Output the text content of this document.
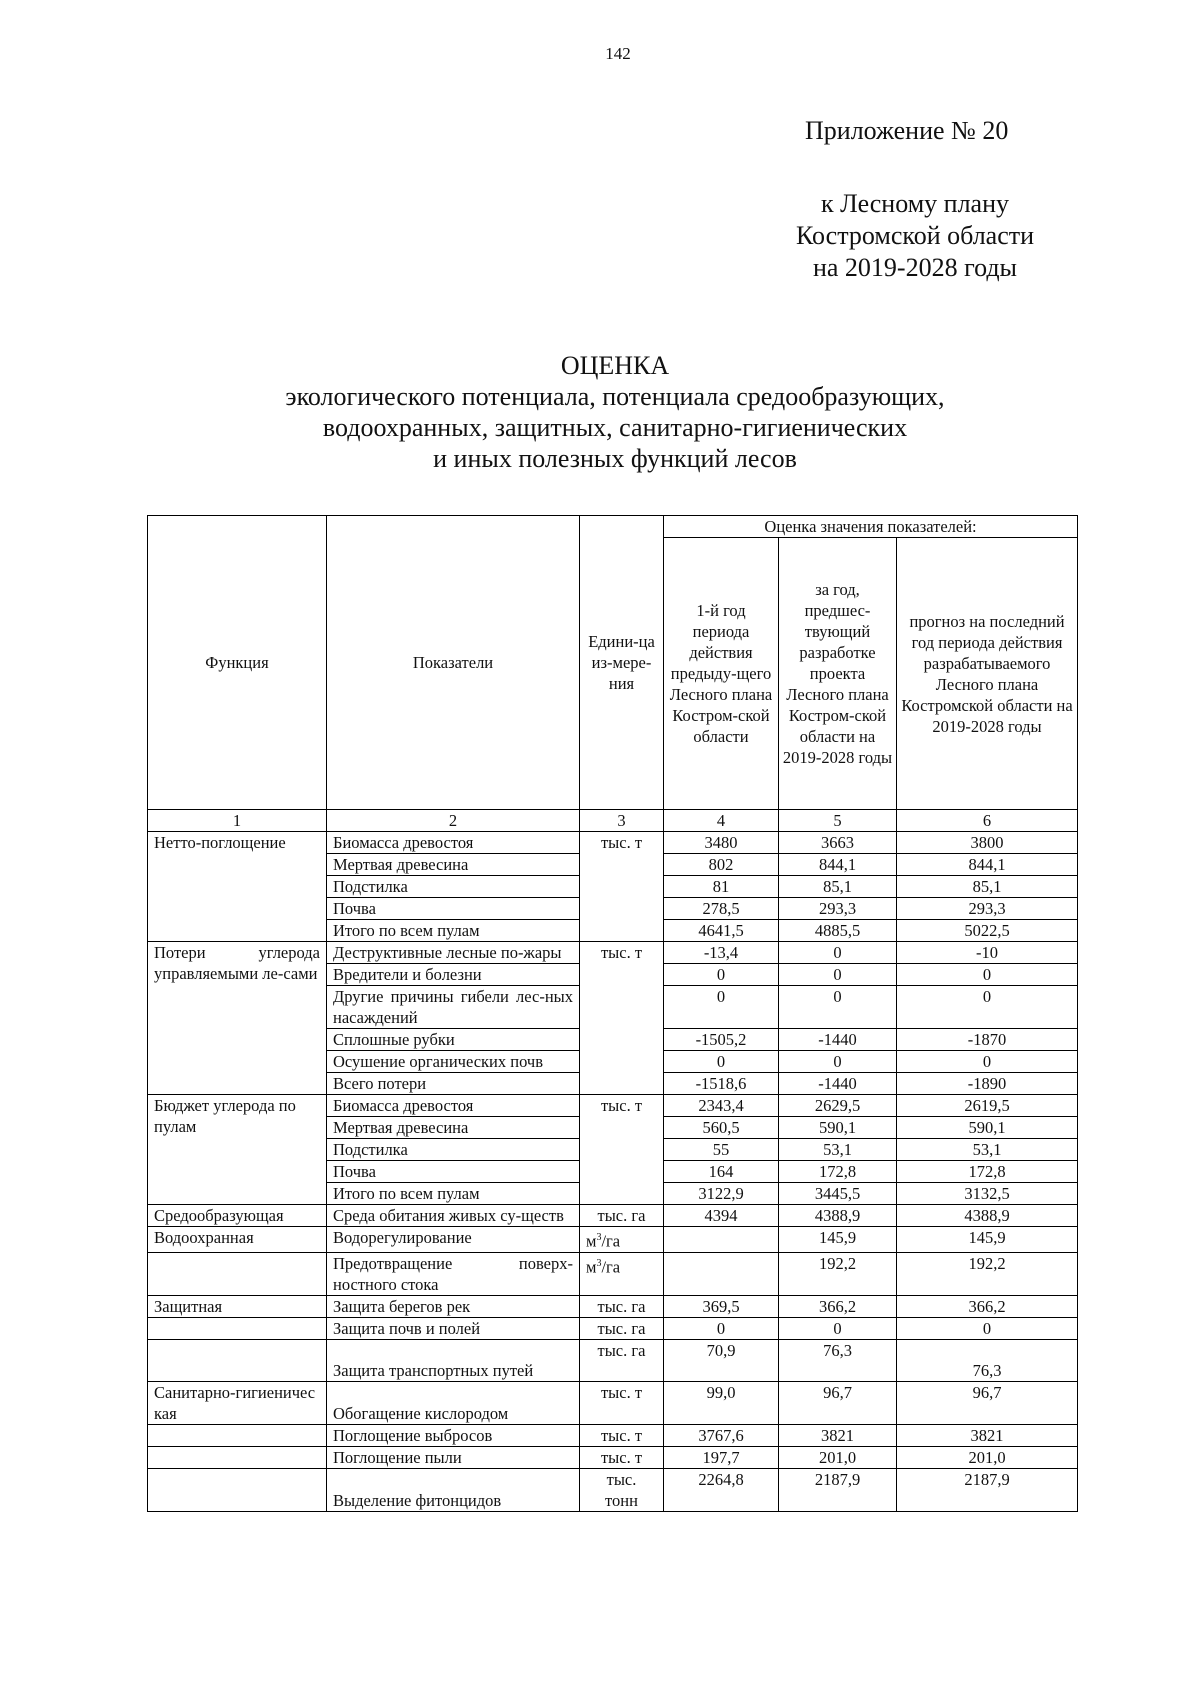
142
Приложение № 20
к Лесному плану
Костромской области
на 2019-2028 годы
ОЦЕНКА
экологического потенциала, потенциала средообразующих,
водоохранных, защитных, санитарно-гигиенических
и иных полезных функций лесов
Функция	Показатели	Едини-ца из-мере-ния	Оценка значения показателей:		
			1-й год периода действия предыду-щего Лесного плана Костром-ской области	за год, предшес-твующий разработке проекта Лесного плана Костром-ской области на 2019-2028 годы	прогноз на последний год периода действия разрабатываемого Лесного плана Костромской области на 2019-2028 годы
1	2	3	4	5	6
Нетто-поглощение	Биомасса древостоя	тыс. т	3480	3663	3800
	Мертвая древесина		802	844,1	844,1
	Подстилка		81	85,1	85,1
	Почва		278,5	293,3	293,3
	Итого по всем пулам		4641,5	4885,5	5022,5
Потери углерода управляемыми ле-сами	Деструктивные лесные по-жары	тыс. т	-13,4	0	-10
	Вредители и болезни		0	0	0
	Другие причины гибели лес-ных насаждений		0	0	0
	Сплошные рубки		-1505,2	-1440	-1870
	Осушение органических почв		0	0	0
	Всего потери		-1518,6	-1440	-1890
Бюджет углерода по пулам	Биомасса древостоя	тыс. т	2343,4	2629,5	2619,5
	Мертвая древесина		560,5	590,1	590,1
	Подстилка		55	53,1	53,1
	Почва		164	172,8	172,8
	Итого по всем пулам		3122,9	3445,5	3132,5
Средообразующая	Среда обитания живых су-ществ	тыс. га	4394	4388,9	4388,9
Водоохранная	Водорегулирование	$м^3/га$		145,9	145,9
	Предотвращение поверх-ностного стока	$м^3/га$		192,2	192,2
Защитная	Защита берегов рек	тыс. га	369,5	366,2	366,2
	Защита почв и полей	тыс. га	0	0	0
	Защита транспортных путей	тыс. га	70,9	76,3	76,3
Санитарно-гигиеническая	Обогащение кислородом	тыс. т	99,0	96,7	96,7
	Поглощение выбросов	тыс. т	3767,6	3821	3821
	Поглощение пыли	тыс. т	197,7	201,0	201,0
	Выделение фитонцидов	тыс. тонн	2264,8	2187,9	2187,9
